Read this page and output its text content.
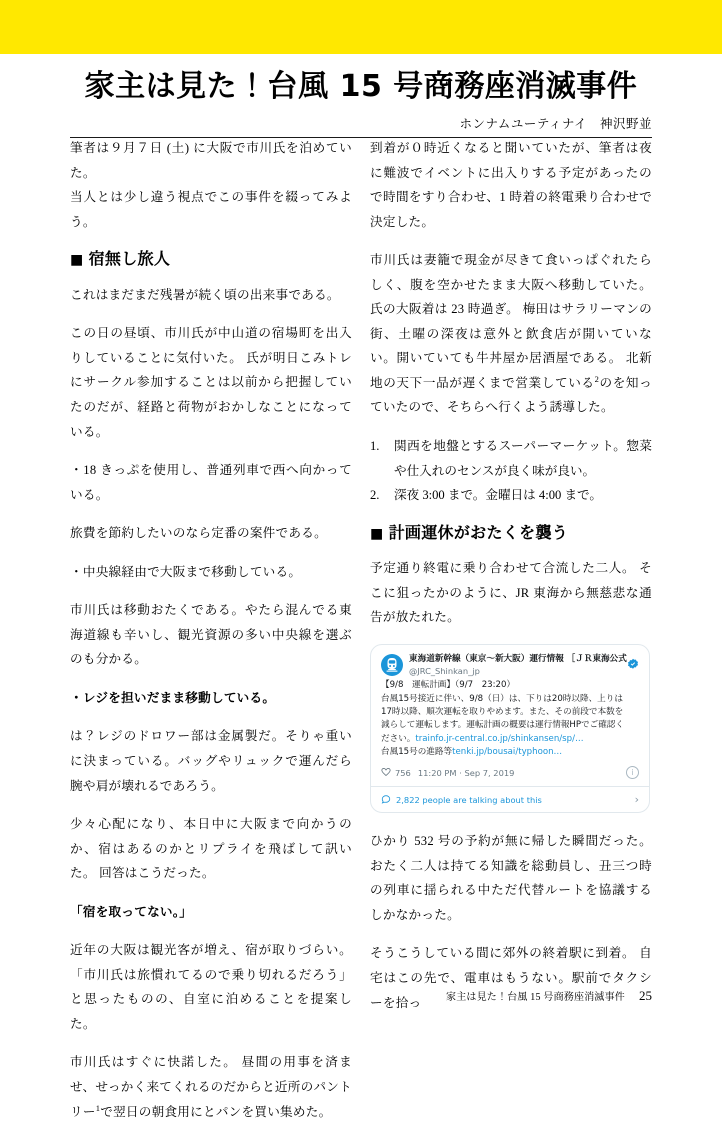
家主は見た！台風 15 号商務座消滅事件
ホンナムユーティナイ　神沢野並

筆者は９月７日 (土) に大阪で市川氏を泊めていた。

当人とは少し違う視点でこの事件を綴ってみよう。

■ 宿無し旅人

これはまだまだ残暑が続く頃の出来事である。

この日の昼頃、市川氏が中山道の宿場町を出入りしていることに気付いた。 氏が明日こみトレにサークル参加することは以前から把握していたのだが、経路と荷物がおかしなことになっている。

・18 きっぷを使用し、普通列車で西へ向かっている。

旅費を節約したいのなら定番の案件である。

・中央線経由で大阪まで移動している。

市川氏は移動おたくである。やたら混んでる東海道線も辛いし、観光資源の多い中央線を選ぶのも分かる。

・レジを担いだまま移動している。

は？レジのドロワー部は金属製だ。そりゃ重いに決まっている。バッグやリュックで運んだら腕や肩が壊れるであろう。

少々心配になり、本日中に大阪まで向かうのか、宿はあるのかとリプライを飛ばして訊いた。 回答はこうだった。

「宿を取ってない。」

近年の大阪は観光客が増え、宿が取りづらい。「市川氏は旅慣れてるので乗り切れるだろう」と思ったものの、自室に泊めることを提案した。

市川氏はすぐに快諾した。 昼間の用事を済ませ、せっかく来てくれるのだからと近所のパントリー$^1$で翌日の朝食用にとパンを買い集めた。

到着が０時近くなると聞いていたが、筆者は夜に難波でイベントに出入りする予定があったので時間をすり合わせ、1 時着の終電乗り合わせで決定した。

市川氏は妻籠で現金が尽きて食いっぱぐれたらしく、腹を空かせたまま大阪へ移動していた。氏の大阪着は 23 時過ぎ。 梅田はサラリーマンの街、土曜の深夜は意外と飲食店が開いていない。開いていても牛丼屋か居酒屋である。 北新地の天下一品が遅くまで営業している$^2$のを知っていたので、そちらへ行くよう誘導した。

1.	関西を地盤とするスーパーマーケット。惣菜や仕入れのセンスが良く味が良い。
2.	深夜 3:00 まで。金曜日は 4:00 まで。
■ 計画運休がおたくを襲う

予定通り終電に乗り合わせて合流した二人。 そこに狙ったかのように、JR 東海から無慈悲な通告が放たれた。

東海道新幹線（東京〜新大阪）運行情報 ［ＪＲ東海公式
@JRC_Shinkan_jp
【9/8　運転計画】（9/7　23:20）
台風15号接近に伴い、9/8（日）は、下りは20時以降、上りは
17時以降、順次運転を取りやめます。また、その前段で本数を
減らして運転します。運転計画の概要は運行情報HPでご確認く
ださい。trainfo.jr-central.co.jp/shinkansen/sp/…
台風15号の進路等tenki.jp/bousai/typhoon…
756 11:20 PM · Sep 7, 2019	i
2,822 people are talking about this	›

ひかり 532 号の予約が無に帰した瞬間だった。 おたく二人は持てる知識を総動員し、丑三つ時の列車に揺られる中ただ代替ルートを協議するしかなかった。

そうこうしている間に郊外の終着駅に到着。 自宅はこの先で、電車はもうない。駅前でタクシーを拾っ	家主は見た！台風 15 号商務座消滅事件 25
